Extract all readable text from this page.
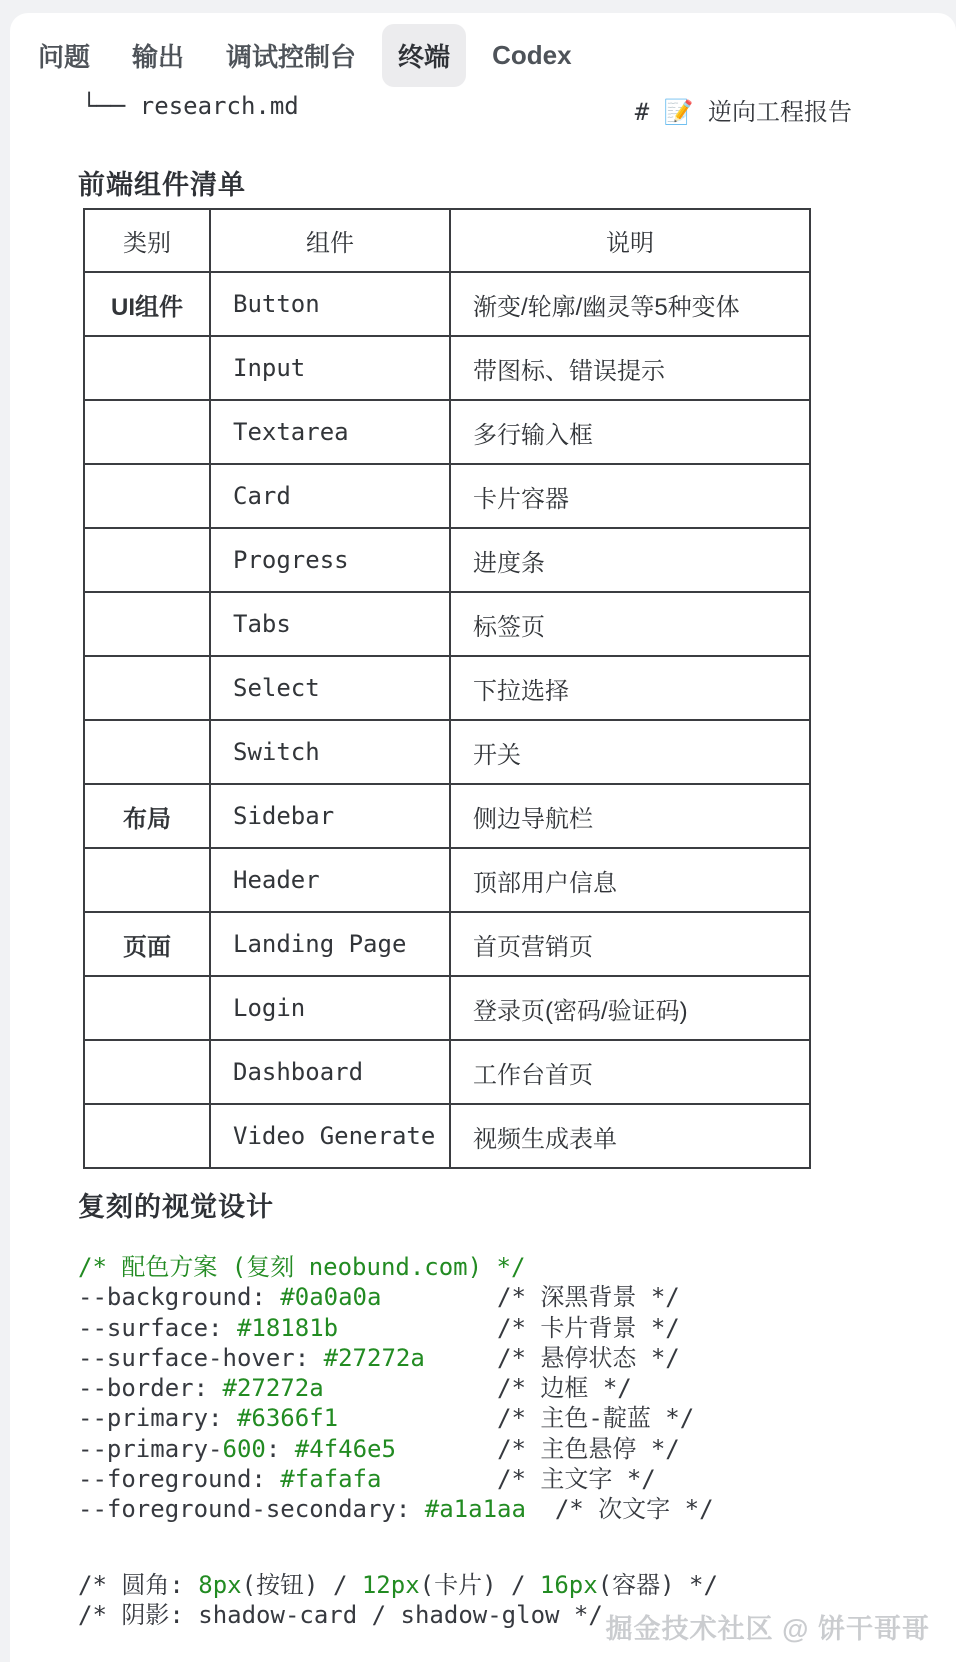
问题 输出 调试控制台	终端	Codex
└── research.md	# 📝 逆向工程报告
前端组件清单
类别	组件	说明
UI组件	Button	渐变/轮廓/幽灵等5种变体
	Input	带图标、错误提示
	Textarea	多行输入框
	Card	卡片容器
	Progress	进度条
	Tabs	标签页
	Select	下拉选择
	Switch	开关
布局	Sidebar	侧边导航栏
	Header	顶部用户信息
页面	Landing Page	首页营销页
	Login	登录页(密码/验证码)
	Dashboard	工作台首页
	Video Generate	视频生成表单
复刻的视觉设计
/* 配色方案 (复刻 neobund.com) */
--background: #0a0a0a        /* 深黑背景 */
--surface: #18181b           /* 卡片背景 */
--surface-hover: #27272a     /* 悬停状态 */
--border: #27272a            /* 边框 */
--primary: #6366f1           /* 主色-靛蓝 */
--primary-600: #4f46e5       /* 主色悬停 */
--foreground: #fafafa        /* 主文字 */
--foreground-secondary: #a1a1aa  /* 次文字 */
/* 圆角: 8px(按钮) / 12px(卡片) / 16px(容器) */
/* 阴影: shadow-card / shadow-glow */ 掘金技术社区 @ 饼干哥哥
